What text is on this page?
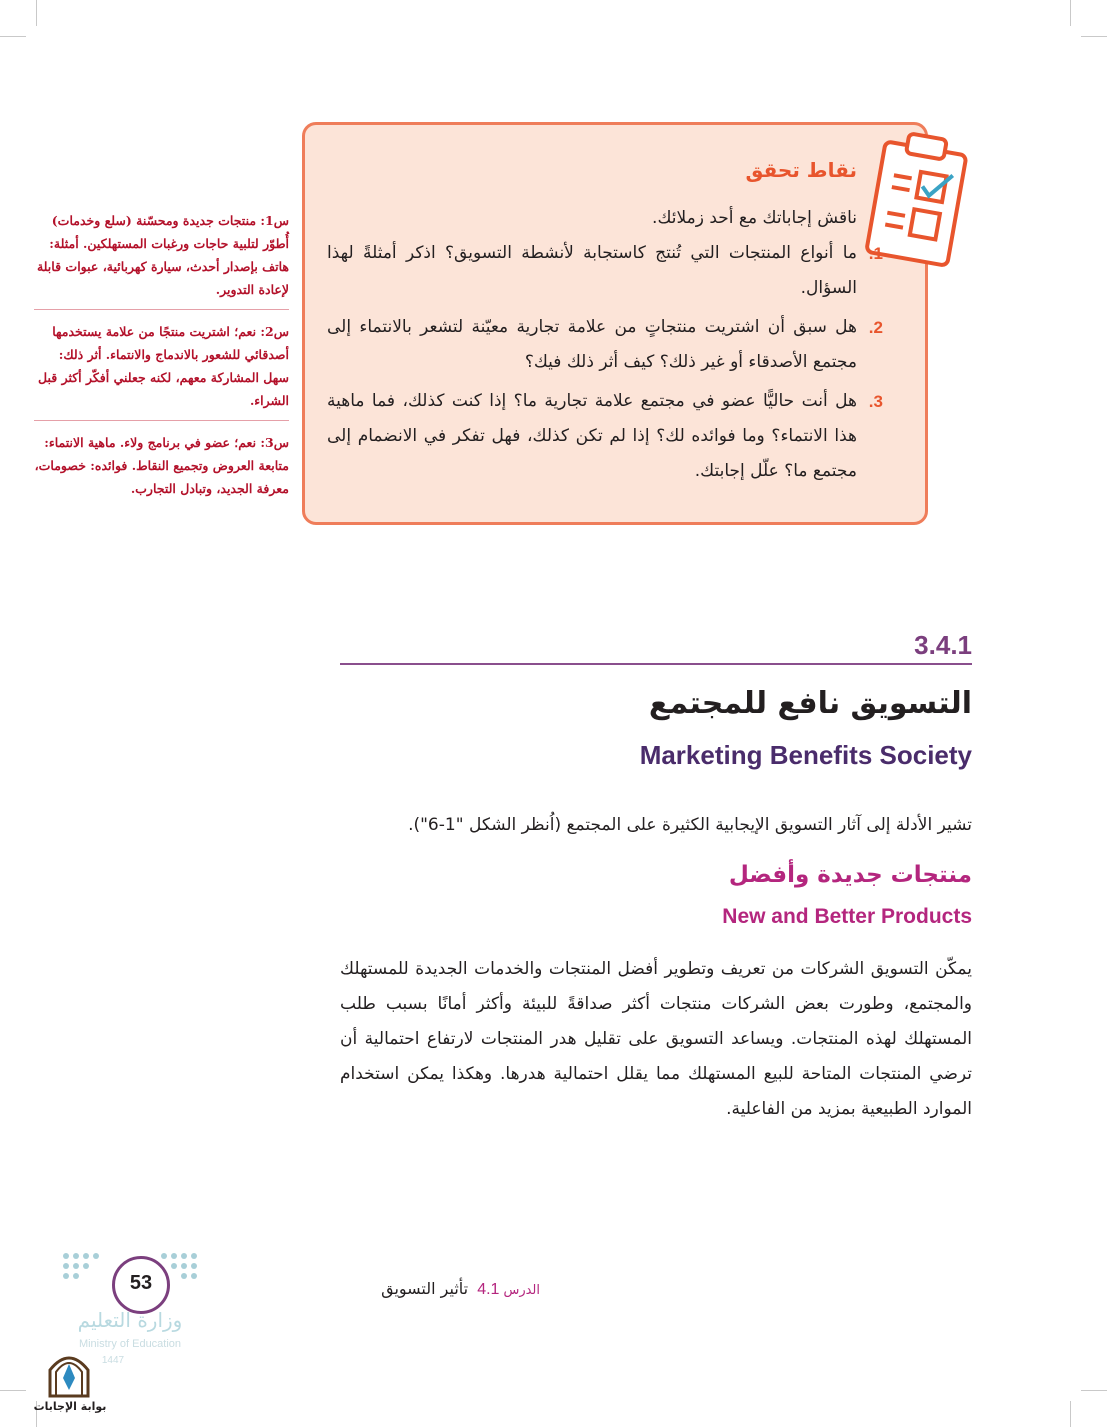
نقاط تحقق
ناقش إجاباتك مع أحد زملائك.
1.
ما أنواع المنتجات التي تُنتج كاستجابة لأنشطة التسويق؟ اذكر أمثلةً لهذا السؤال.
2.
هل سبق أن اشتريت منتجاتٍ من علامة تجارية معيّنة لتشعر بالانتماء إلى مجتمع الأصدقاء أو غير ذلك؟ كيف أثر ذلك فيك؟
3.
هل أنت حاليًّا عضو في مجتمع علامة تجارية ما؟ إذا كنت كذلك، فما ماهية هذا الانتماء؟ وما فوائده لك؟ إذا لم تكن كذلك، فهل تفكر في الانضمام إلى مجتمع ما؟ علّل إجابتك.
س1: منتجات جديدة ومحسّنة (سلع وخدمات) أُطوّر لتلبية حاجات ورغبات المستهلكين. أمثلة: هاتف بإصدار أحدث، سيارة كهربائية، عبوات قابلة لإعادة التدوير.
س2: نعم؛ اشتريت منتجًا من علامة يستخدمها أصدقائي للشعور بالاندماج والانتماء. أثر ذلك: سهل المشاركة معهم، لكنه جعلني أفكّر أكثر قبل الشراء.
س3: نعم؛ عضو في برنامج ولاء. ماهية الانتماء: متابعة العروض وتجميع النقاط. فوائده: خصومات، معرفة الجديد، وتبادل التجارب.
3.4.1
التسويق نافع للمجتمع
Marketing Benefits Society
تشير الأدلة إلى آثار التسويق الإيجابية الكثيرة على المجتمع (اُنظر الشكل "1-6").
منتجات جديدة وأفضل
New and Better Products
يمكّن التسويق الشركات من تعريف وتطوير أفضل المنتجات والخدمات الجديدة للمستهلك والمجتمع، وطورت بعض الشركات منتجات أكثر صداقةً للبيئة وأكثر أمانًا بسبب طلب المستهلك لهذه المنتجات. ويساعد التسويق على تقليل هدر المنتجات لارتفاع احتمالية أن ترضي المنتجات المتاحة للبيع المستهلك مما يقلل احتمالية هدرها. وهكذا يمكن استخدام الموارد الطبيعية بمزيد من الفاعلية.
الدرس4.1 تأثير التسويق
53
وزارة التعليم
Ministry of Education
1447
بوابة الإجابات
